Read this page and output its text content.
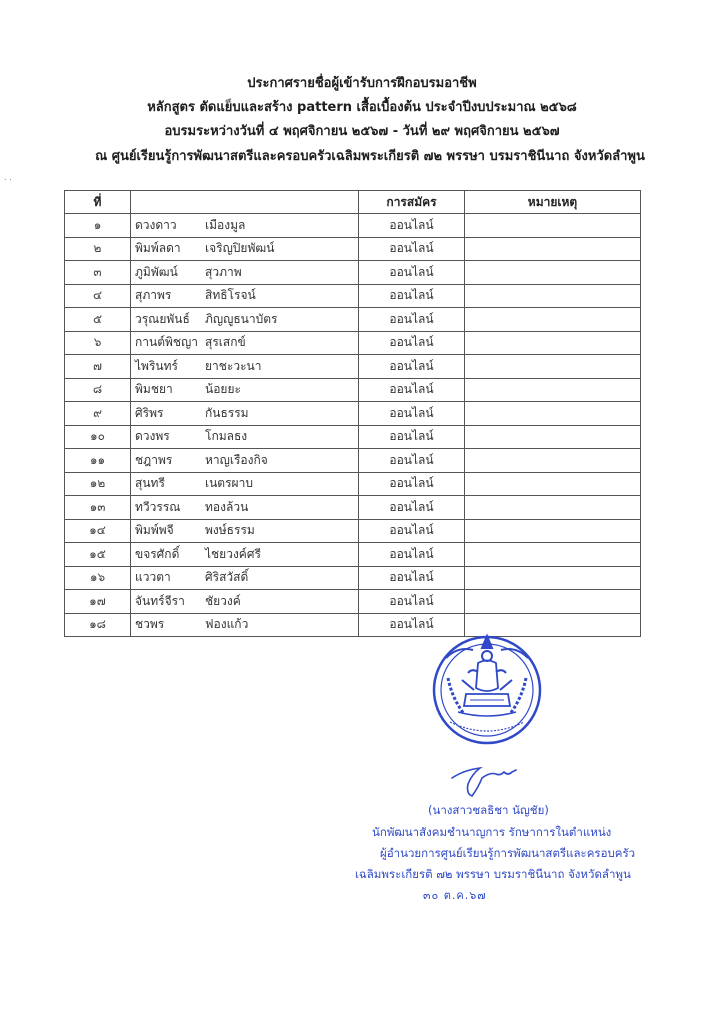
ประกาศรายชื่อผู้เข้ารับการฝึกอบรมอาชีพ
หลักสูตร ตัดแย็บและสร้าง pattern เสื้อเบื้องต้น ประจำปีงบประมาณ ๒๕๖๘
อบรมระหว่างวันที่ ๔ พฤศจิกายน ๒๕๖๗ - วันที่ ๒๙ พฤศจิกายน ๒๕๖๗
ณ ศูนย์เรียนรู้การพัฒนาสตรีและครอบครัวเฉลิมพระเกียรติ ๗๒ พรรษา บรมราชินีนาถ จังหวัดลำพูน
. .
ที่		การสมัคร	หมายเหตุ
๑	ดวงดาว เมืองมูล	ออนไลน์	
๒	พิมพ์ลดา เจริญปิยพัฒน์	ออนไลน์	
๓	ภูมิพัฒน์ สุวภาพ	ออนไลน์	
๔	สุภาพร สิทธิโรจน์	ออนไลน์	
๕	วรุณยพันธ์ ภิญญูธนาบัตร	ออนไลน์	
๖	กานต์พิชญา สุรเสกข์	ออนไลน์	
๗	ไพรินทร์ ยาชะวะนา	ออนไลน์	
๘	พิมชยา น้อยยะ	ออนไลน์	
๙	ศิริพร กันธรรม	ออนไลน์	
๑๐	ดวงพร โกมลธง	ออนไลน์	
๑๑	ชฎาพร หาญเรืองกิจ	ออนไลน์	
๑๒	สุนทรี เนตรผาบ	ออนไลน์	
๑๓	ทวีวรรณ ทองล้วน	ออนไลน์	
๑๔	พิมพ์พจี พงษ์ธรรม	ออนไลน์	
๑๕	ขจรศักดิ์ ไชยวงค์ศรี	ออนไลน์	
๑๖	แววตา ศิริสวัสดิ์	ออนไลน์	
๑๗	จันทร์จีรา ชัยวงค์	ออนไลน์	
๑๘	ชวพร ฟองแก้ว	ออนไลน์	
(นางสาวชลธิชา นัญชัย)
นักพัฒนาสังคมชำนาญการ รักษาการในตำแหน่ง
ผู้อำนวยการศูนย์เรียนรู้การพัฒนาสตรีและครอบครัว
เฉลิมพระเกียรติ ๗๒ พรรษา บรมราชินีนาถ จังหวัดลำพูน
๓๐ ต.ค.๖๗
